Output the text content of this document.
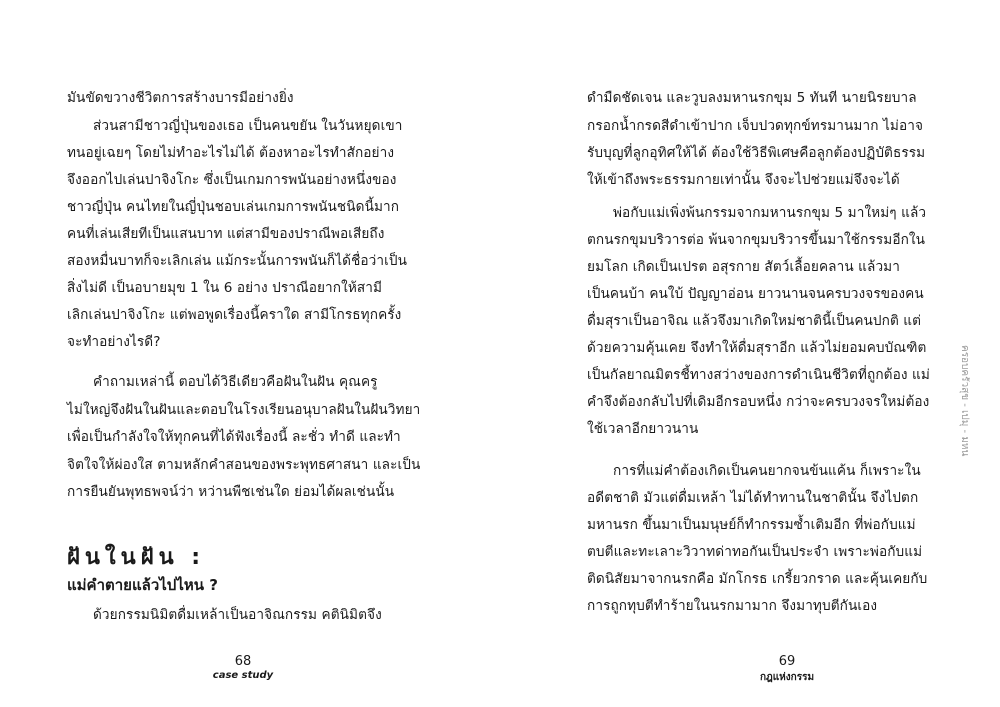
มันขัดขวางชีวิตการสร้างบารมีอย่างยิ่ง
ส่วนสามีชาวญี่ปุ่นของเธอ เป็นคนขยัน ในวันหยุดเขา
ทนอยู่เฉยๆ โดยไม่ทำอะไรไม่ได้ ต้องหาอะไรทำสักอย่าง
จึงออกไปเล่นปาจิงโกะ ซึ่งเป็นเกมการพนันอย่างหนึ่งของ
ชาวญี่ปุ่น คนไทยในญี่ปุ่นชอบเล่นเกมการพนันชนิดนี้มาก
คนที่เล่นเสียทีเป็นแสนบาท แต่สามีของปราณีพอเสียถึง
สองหมื่นบาทก็จะเลิกเล่น แม้กระนั้นการพนันก็ได้ชื่อว่าเป็น
สิ่งไม่ดี เป็นอบายมุข 1 ใน 6 อย่าง ปราณีอยากให้สามี
เลิกเล่นปาจิงโกะ แต่พอพูดเรื่องนี้คราใด สามีโกรธทุกครั้ง
จะทำอย่างไรดี?
คำถามเหล่านี้ ตอบได้วิธีเดียวคือฝันในฝัน คุณครู
ไม่ใหญ่จึงฝันในฝันและตอบในโรงเรียนอนุบาลฝันในฝันวิทยา
เพื่อเป็นกำลังใจให้ทุกคนที่ได้ฟังเรื่องนี้ ละชั่ว ทำดี และทำ
จิตใจให้ผ่องใส ตามหลักคำสอนของพระพุทธศาสนา และเป็น
การยืนยันพุทธพจน์ว่า หว่านพืชเช่นใด ย่อมได้ผลเช่นนั้น
ฝันในฝัน :
แม่คำตายแล้วไปไหน ?
ด้วยกรรมนิมิตดื่มเหล้าเป็นอาจิณกรรม คตินิมิตจึง
68
case study
ดำมืดชัดเจน และวูบลงมหานรกขุม 5 ทันที นายนิรยบาล
กรอกน้ำกรดสีดำเข้าปาก เจ็บปวดทุกข์ทรมานมาก ไม่อาจ
รับบุญที่ลูกอุทิศให้ได้ ต้องใช้วิธีพิเศษคือลูกต้องปฏิบัติธรรม
ให้เข้าถึงพระธรรมกายเท่านั้น จึงจะไปช่วยแม่จึงจะได้
พ่อกับแม่เพิ่งพ้นกรรมจากมหานรกขุม 5 มาใหม่ๆ แล้ว
ตกนรกขุมบริวารต่อ พ้นจากขุมบริวารขึ้นมาใช้กรรมอีกใน
ยมโลก เกิดเป็นเปรต อสุรกาย สัตว์เลื้อยคลาน แล้วมา
เป็นคนบ้า คนใบ้ ปัญญาอ่อน ยาวนานจนครบวงจรของคน
ดื่มสุราเป็นอาจิณ แล้วจึงมาเกิดใหม่ชาตินี้เป็นคนปกติ แต่
ด้วยความคุ้นเคย จึงทำให้ดื่มสุราอีก แล้วไม่ยอมคบบัณฑิต
เป็นกัลยาณมิตรชี้ทางสว่างของการดำเนินชีวิตที่ถูกต้อง แม่
คำจึงต้องกลับไปที่เดิมอีกรอบหนึ่ง กว่าจะครบวงจรใหม่ต้อง
ใช้เวลาอีกยาวนาน
การที่แม่คำต้องเกิดเป็นคนยากจนข้นแค้น ก็เพราะใน
อดีตชาติ มัวแต่ดื่มเหล้า ไม่ได้ทำทานในชาตินั้น จึงไปตก
มหานรก ขึ้นมาเป็นมนุษย์ก็ทำกรรมซ้ำเติมอีก ที่พ่อกับแม่
ตบตีและทะเลาะวิวาทด่าทอกันเป็นประจำ เพราะพ่อกับแม่
ติดนิสัยมาจากนรกคือ มักโกรธ เกรี้ยวกราด และคุ้นเคยกับ
การถูกทุบตีทำร้ายในนรกมามาก จึงมาทุบตีกันเอง
69
กฎแห่งกรรม
ครอบครัวสุข - เปมุ - มหน
